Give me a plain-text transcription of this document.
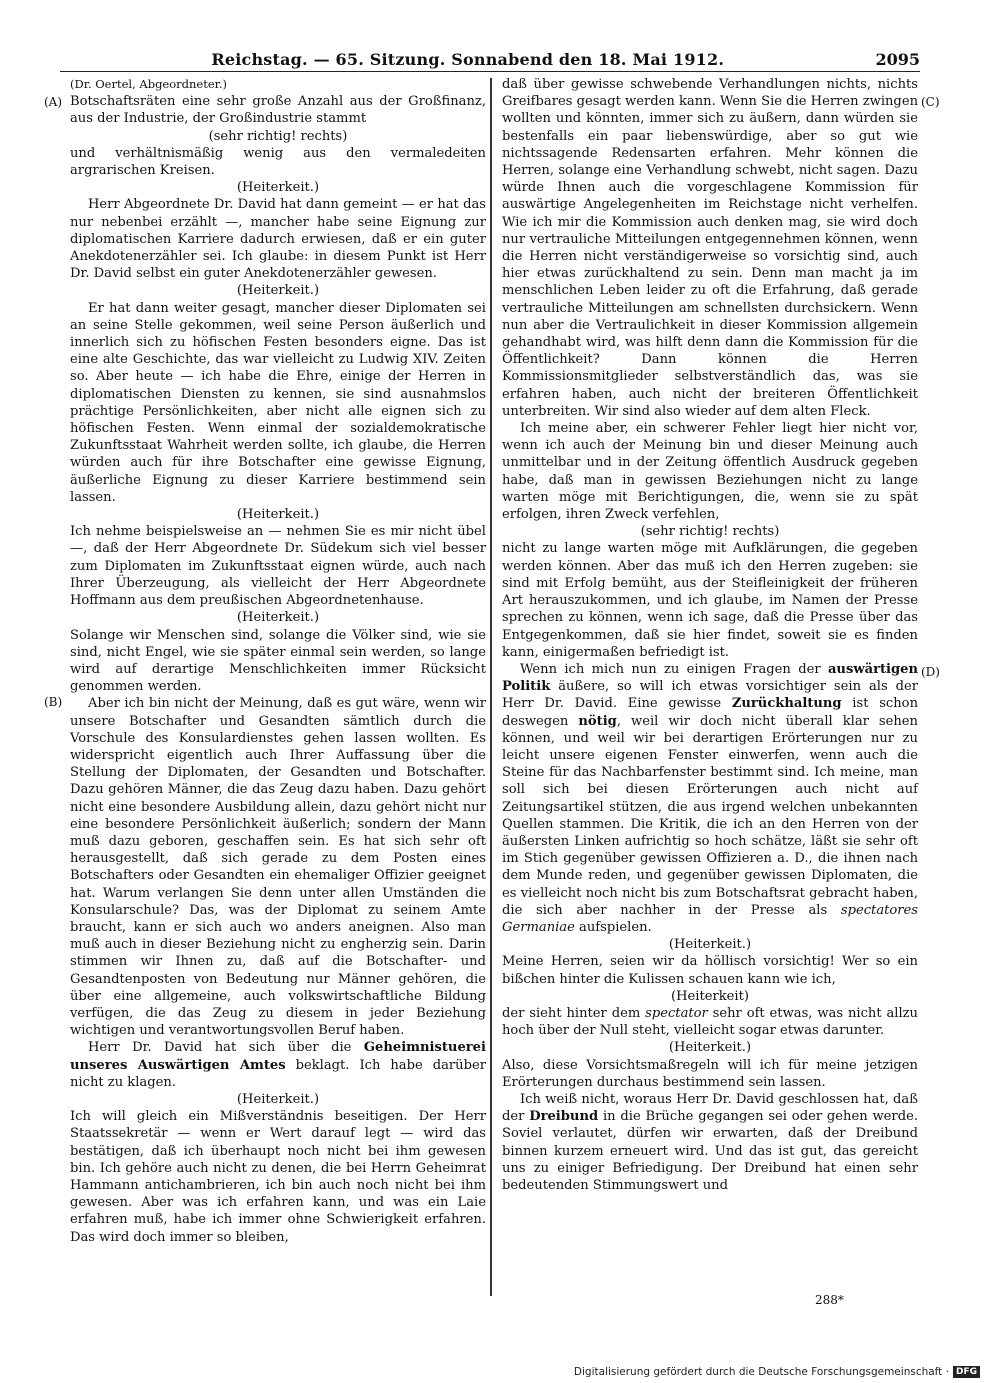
Reichstag. — 65. Sitzung. Sonnabend den 18. Mai 1912.	2095
(A)
(B)
(C)
(D)

(Dr. Oertel, Abgeordneter.)

Botschaftsräten eine sehr große Anzahl aus der Großfinanz, aus der Industrie, der Großindustrie stammt

(sehr richtig! rechts)

und verhältnismäßig wenig aus den vermaledeiten argrarischen Kreisen.

(Heiterkeit.)

Herr Abgeordnete Dr. David hat dann gemeint — er hat das nur nebenbei erzählt —, mancher habe seine Eignung zur diplomatischen Karriere dadurch erwiesen, daß er ein guter Anekdotenerzähler sei. Ich glaube: in diesem Punkt ist Herr Dr. David selbst ein guter Anekdotenerzähler gewesen.

(Heiterkeit.)

Er hat dann weiter gesagt, mancher dieser Diplomaten sei an seine Stelle gekommen, weil seine Person äußerlich und innerlich sich zu höfischen Festen besonders eigne. Das ist eine alte Geschichte, das war vielleicht zu Ludwig XIV. Zeiten so. Aber heute — ich habe die Ehre, einige der Herren in diplomatischen Diensten zu kennen, sie sind ausnahmslos prächtige Persönlichkeiten, aber nicht alle eignen sich zu höfischen Festen. Wenn einmal der sozialdemokratische Zukunftsstaat Wahrheit werden sollte, ich glaube, die Herren würden auch für ihre Botschafter eine gewisse Eignung, äußerliche Eignung zu dieser Karriere bestimmend sein lassen.

(Heiterkeit.)

Ich nehme beispielsweise an — nehmen Sie es mir nicht übel —, daß der Herr Abgeordnete Dr. Südekum sich viel besser zum Diplomaten im Zukunftsstaat eignen würde, auch nach Ihrer Überzeugung, als vielleicht der Herr Abgeordnete Hoffmann aus dem preußischen Abgeordnetenhause.

(Heiterkeit.)

Solange wir Menschen sind, solange die Völker sind, wie sie sind, nicht Engel, wie sie später einmal sein werden, so lange wird auf derartige Menschlichkeiten immer Rücksicht genommen werden.

Aber ich bin nicht der Meinung, daß es gut wäre, wenn wir unsere Botschafter und Gesandten sämtlich durch die Vorschule des Konsulardienstes gehen lassen wollten. Es widerspricht eigentlich auch Ihrer Auffassung über die Stellung der Diplomaten, der Gesandten und Botschafter. Dazu gehören Männer, die das Zeug dazu haben. Dazu gehört nicht eine besondere Ausbildung allein, dazu gehört nicht nur eine besondere Persönlichkeit äußerlich; sondern der Mann muß dazu geboren, geschaffen sein. Es hat sich sehr oft herausgestellt, daß sich gerade zu dem Posten eines Botschafters oder Gesandten ein ehemaliger Offizier geeignet hat. Warum verlangen Sie denn unter allen Umständen die Konsularschule? Das, was der Diplomat zu seinem Amte braucht, kann er sich auch wo anders aneignen. Also man muß auch in dieser Beziehung nicht zu engherzig sein. Darin stimmen wir Ihnen zu, daß auf die Botschafter- und Gesandtenposten von Bedeutung nur Männer gehören, die über eine allgemeine, auch volkswirtschaftliche Bildung verfügen, die das Zeug zu diesem in jeder Beziehung wichtigen und verantwortungsvollen Beruf haben.

Herr Dr. David hat sich über die Geheimnistuerei unseres Auswärtigen Amtes beklagt. Ich habe darüber nicht zu klagen.

(Heiterkeit.)

Ich will gleich ein Mißverständnis beseitigen. Der Herr Staatssekretär — wenn er Wert darauf legt — wird das bestätigen, daß ich überhaupt noch nicht bei ihm gewesen bin. Ich gehöre auch nicht zu denen, die bei Herrn Geheimrat Hammann antichambrieren, ich bin auch noch nicht bei ihm gewesen. Aber was ich erfahren kann, und was ein Laie erfahren muß, habe ich immer ohne Schwierigkeit erfahren. Das wird doch immer so bleiben,

daß über gewisse schwebende Verhandlungen nichts, nichts Greifbares gesagt werden kann. Wenn Sie die Herren zwingen wollten und könnten, immer sich zu äußern, dann würden sie bestenfalls ein paar liebenswürdige, aber so gut wie nichtssagende Redensarten erfahren. Mehr können die Herren, solange eine Verhandlung schwebt, nicht sagen. Dazu würde Ihnen auch die vorgeschlagene Kommission für auswärtige Angelegenheiten im Reichstage nicht verhelfen. Wie ich mir die Kommission auch denken mag, sie wird doch nur vertrauliche Mitteilungen entgegennehmen können, wenn die Herren nicht verständigerweise so vorsichtig sind, auch hier etwas zurückhaltend zu sein. Denn man macht ja im menschlichen Leben leider zu oft die Erfahrung, daß gerade vertrauliche Mitteilungen am schnellsten durchsickern. Wenn nun aber die Vertraulichkeit in dieser Kommission allgemein gehandhabt wird, was hilft denn dann die Kommission für die Öffentlichkeit? Dann können die Herren Kommissionsmitglieder selbstverständlich das, was sie erfahren haben, auch nicht der breiteren Öffentlichkeit unterbreiten. Wir sind also wieder auf dem alten Fleck.

Ich meine aber, ein schwerer Fehler liegt hier nicht vor, wenn ich auch der Meinung bin und dieser Meinung auch unmittelbar und in der Zeitung öffentlich Ausdruck gegeben habe, daß man in gewissen Beziehungen nicht zu lange warten möge mit Berichtigungen, die, wenn sie zu spät erfolgen, ihren Zweck verfehlen,

(sehr richtig! rechts)

nicht zu lange warten möge mit Aufklärungen, die gegeben werden können. Aber das muß ich den Herren zugeben: sie sind mit Erfolg bemüht, aus der Steifleinigkeit der früheren Art herauszukommen, und ich glaube, im Namen der Presse sprechen zu können, wenn ich sage, daß die Presse über das Entgegenkommen, daß sie hier findet, soweit sie es finden kann, einigermaßen befriedigt ist.

Wenn ich mich nun zu einigen Fragen der auswärtigen Politik äußere, so will ich etwas vorsichtiger sein als der Herr Dr. David. Eine gewisse Zurückhaltung ist schon deswegen nötig, weil wir doch nicht überall klar sehen können, und weil wir bei derartigen Erörterungen nur zu leicht unsere eigenen Fenster einwerfen, wenn auch die Steine für das Nachbarfenster bestimmt sind. Ich meine, man soll sich bei diesen Erörterungen auch nicht auf Zeitungsartikel stützen, die aus irgend welchen unbekannten Quellen stammen. Die Kritik, die ich an den Herren von der äußersten Linken aufrichtig so hoch schätze, läßt sie sehr oft im Stich gegenüber gewissen Offizieren a. D., die ihnen nach dem Munde reden, und gegenüber gewissen Diplomaten, die es vielleicht noch nicht bis zum Botschaftsrat gebracht haben, die sich aber nachher in der Presse als spectatores Germaniae aufspielen.

(Heiterkeit.)

Meine Herren, seien wir da höllisch vorsichtig! Wer so ein bißchen hinter die Kulissen schauen kann wie ich,

(Heiterkeit)

der sieht hinter dem spectator sehr oft etwas, was nicht allzu hoch über der Null steht, vielleicht sogar etwas darunter.

(Heiterkeit.)

Also, diese Vorsichtsmaßregeln will ich für meine jetzigen Erörterungen durchaus bestimmend sein lassen.

Ich weiß nicht, woraus Herr Dr. David geschlossen hat, daß der Dreibund in die Brüche gegangen sei oder gehen werde. Soviel verlautet, dürfen wir erwarten, daß der Dreibund binnen kurzem erneuert wird. Und das ist gut, das gereicht uns zu einiger Befriedigung. Der Dreibund hat einen sehr bedeutenden Stimmungswert und

288*
Digitalisierung gefördert durch die Deutsche Forschungsgemeinschaft · DFG
